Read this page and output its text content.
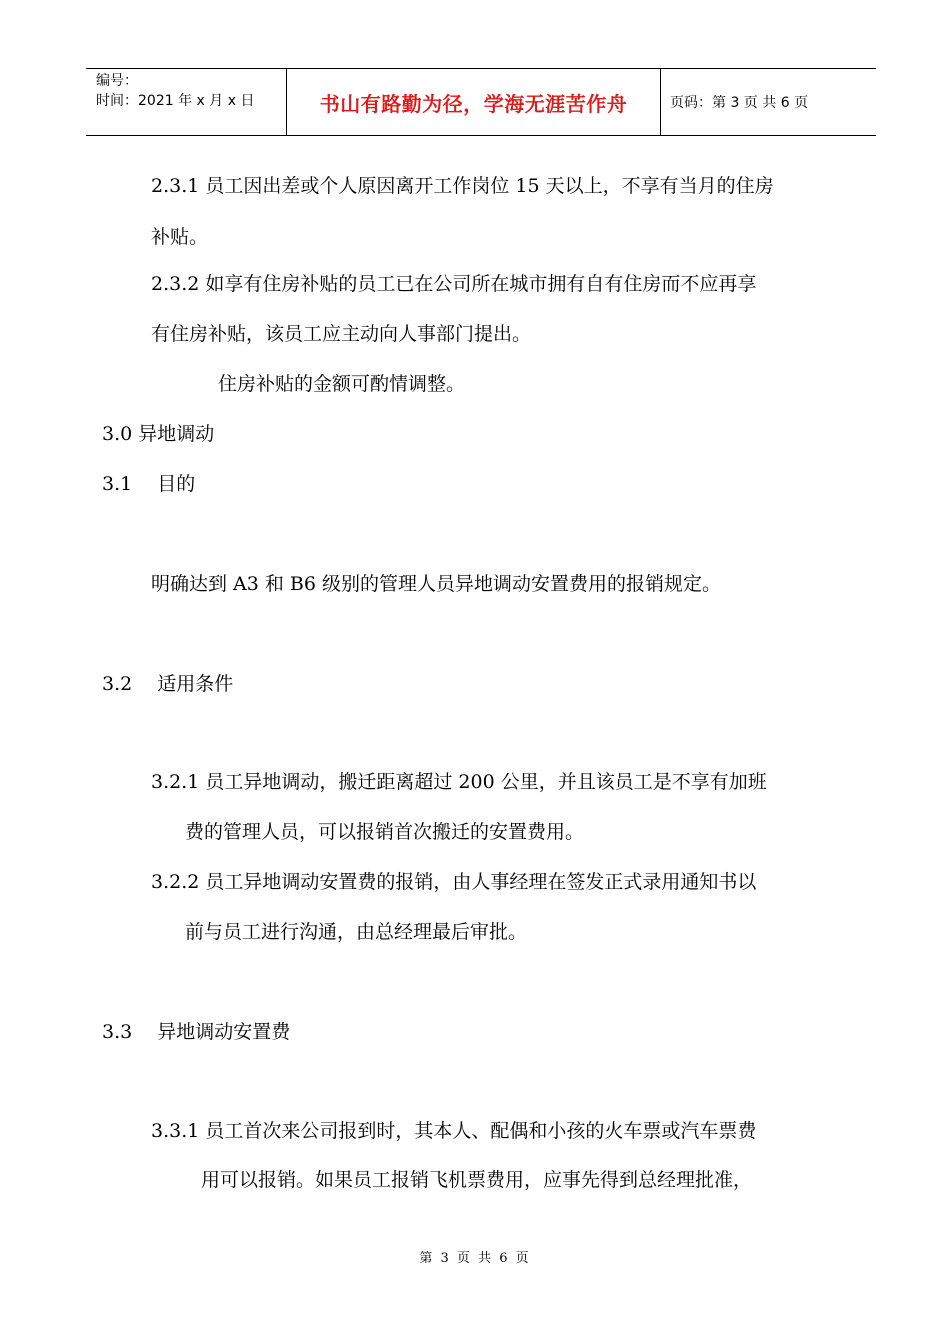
编号：
时间：2021 年 x 月 x 日	书山有路勤为径，学海无涯苦作舟	页码：第 3 页 共 6 页
2.3.1 员工因出差或个人原因离开工作岗位 15 天以上，不享有当月的住房
补贴。
2.3.2 如享有住房补贴的员工已在公司所在城市拥有自有住房而不应再享
有住房补贴，该员工应主动向人事部门提出。
住房补贴的金额可酌情调整。
3.0 异地调动
3.1　 目的
明确达到 A3 和 B6 级别的管理人员异地调动安置费用的报销规定。
3.2　 适用条件
3.2.1 员工异地调动，搬迁距离超过 200 公里，并且该员工是不享有加班
费的管理人员，可以报销首次搬迁的安置费用。
3.2.2 员工异地调动安置费的报销，由人事经理在签发正式录用通知书以
前与员工进行沟通，由总经理最后审批。
3.3　 异地调动安置费
3.3.1 员工首次来公司报到时，其本人、配偶和小孩的火车票或汽车票费
用可以报销。如果员工报销飞机票费用，应事先得到总经理批准，
第 3 页 共 6 页
